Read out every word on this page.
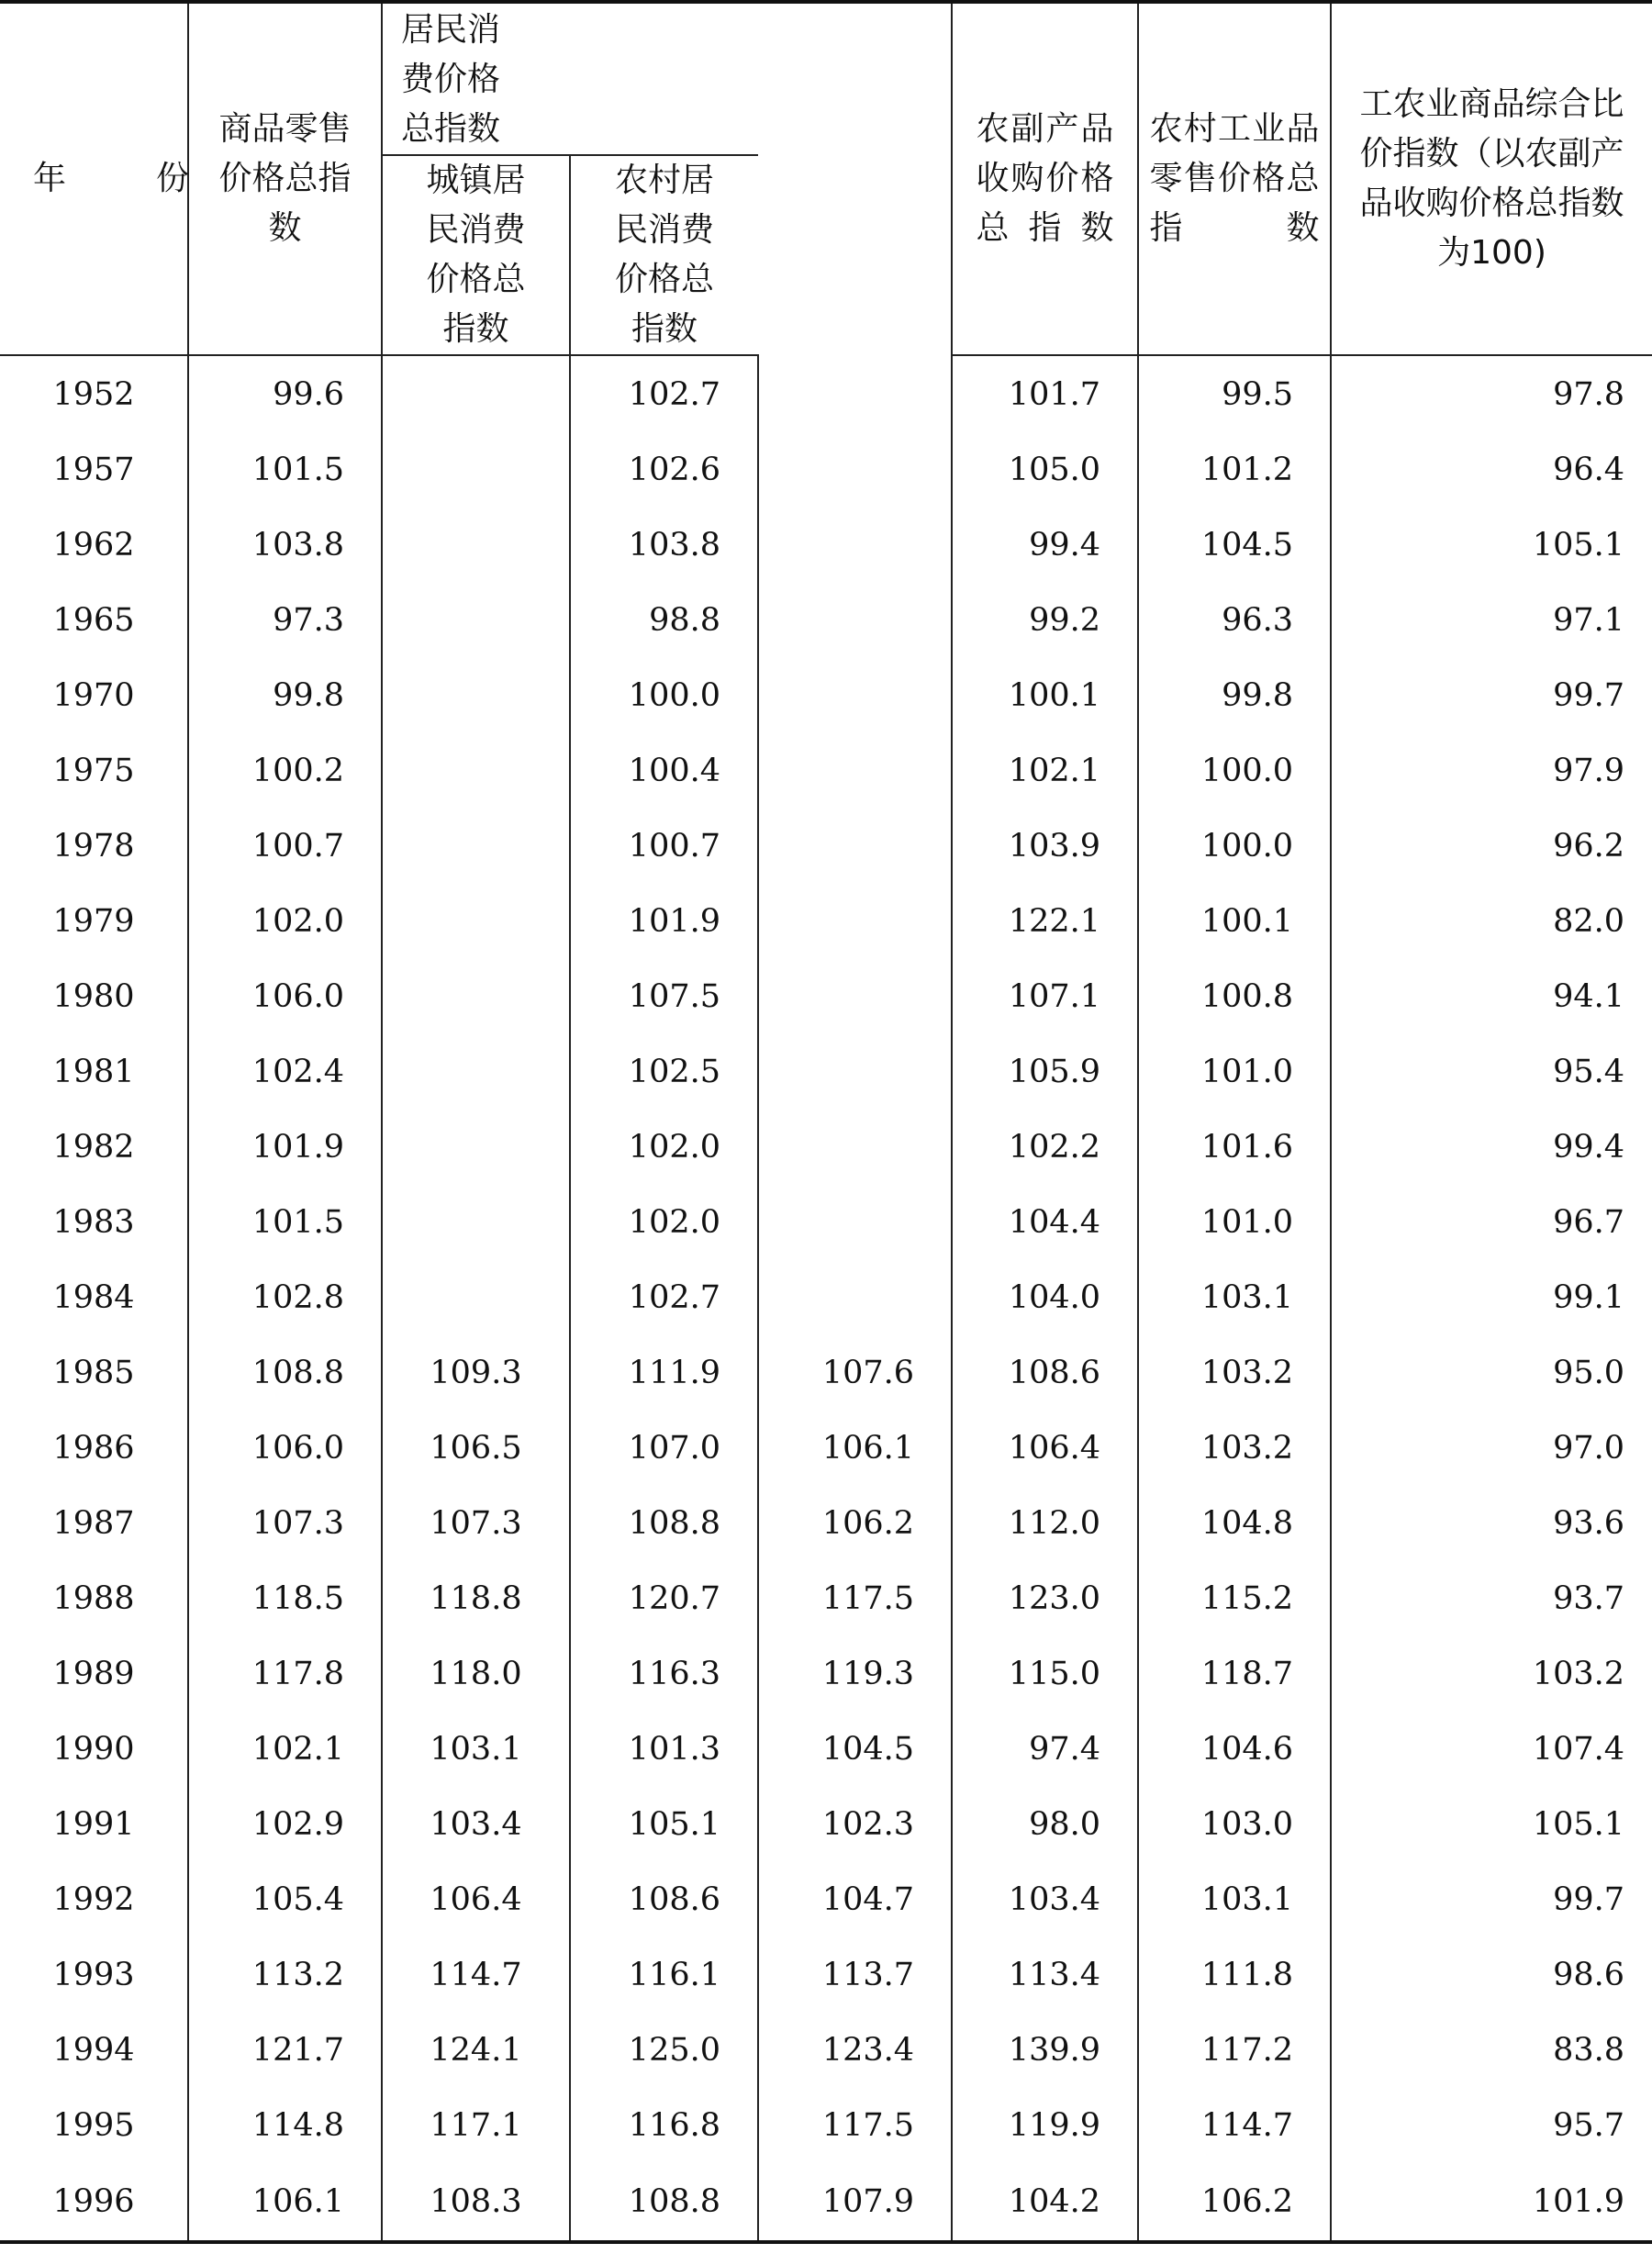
年　　份	商品零售价格总指数	居民消费价格总指数			农副产品收购价格总指数	农村工业品零售价格总指数	工农业商品综合比价指数（以农副产品收购价格总指数为100)

		城镇居民消费价格总指数	农村居民消费价格总指数				

1952	99.6		102.7		101.7	99.5	97.8
1957	101.5		102.6		105.0	101.2	96.4
1962	103.8		103.8		99.4	104.5	105.1
1965	97.3		98.8		99.2	96.3	97.1
1970	99.8		100.0		100.1	99.8	99.7
1975	100.2		100.4		102.1	100.0	97.9
1978	100.7		100.7		103.9	100.0	96.2
1979	102.0		101.9		122.1	100.1	82.0
1980	106.0		107.5		107.1	100.8	94.1
1981	102.4		102.5		105.9	101.0	95.4
1982	101.9		102.0		102.2	101.6	99.4
1983	101.5		102.0		104.4	101.0	96.7
1984	102.8		102.7		104.0	103.1	99.1
1985	108.8	109.3	111.9	107.6	108.6	103.2	95.0
1986	106.0	106.5	107.0	106.1	106.4	103.2	97.0
1987	107.3	107.3	108.8	106.2	112.0	104.8	93.6
1988	118.5	118.8	120.7	117.5	123.0	115.2	93.7
1989	117.8	118.0	116.3	119.3	115.0	118.7	103.2
1990	102.1	103.1	101.3	104.5	97.4	104.6	107.4
1991	102.9	103.4	105.1	102.3	98.0	103.0	105.1
1992	105.4	106.4	108.6	104.7	103.4	103.1	99.7
1993	113.2	114.7	116.1	113.7	113.4	111.8	98.6
1994	121.7	124.1	125.0	123.4	139.9	117.2	83.8
1995	114.8	117.1	116.8	117.5	119.9	114.7	95.7
1996	106.1	108.3	108.8	107.9	104.2	106.2	101.9
